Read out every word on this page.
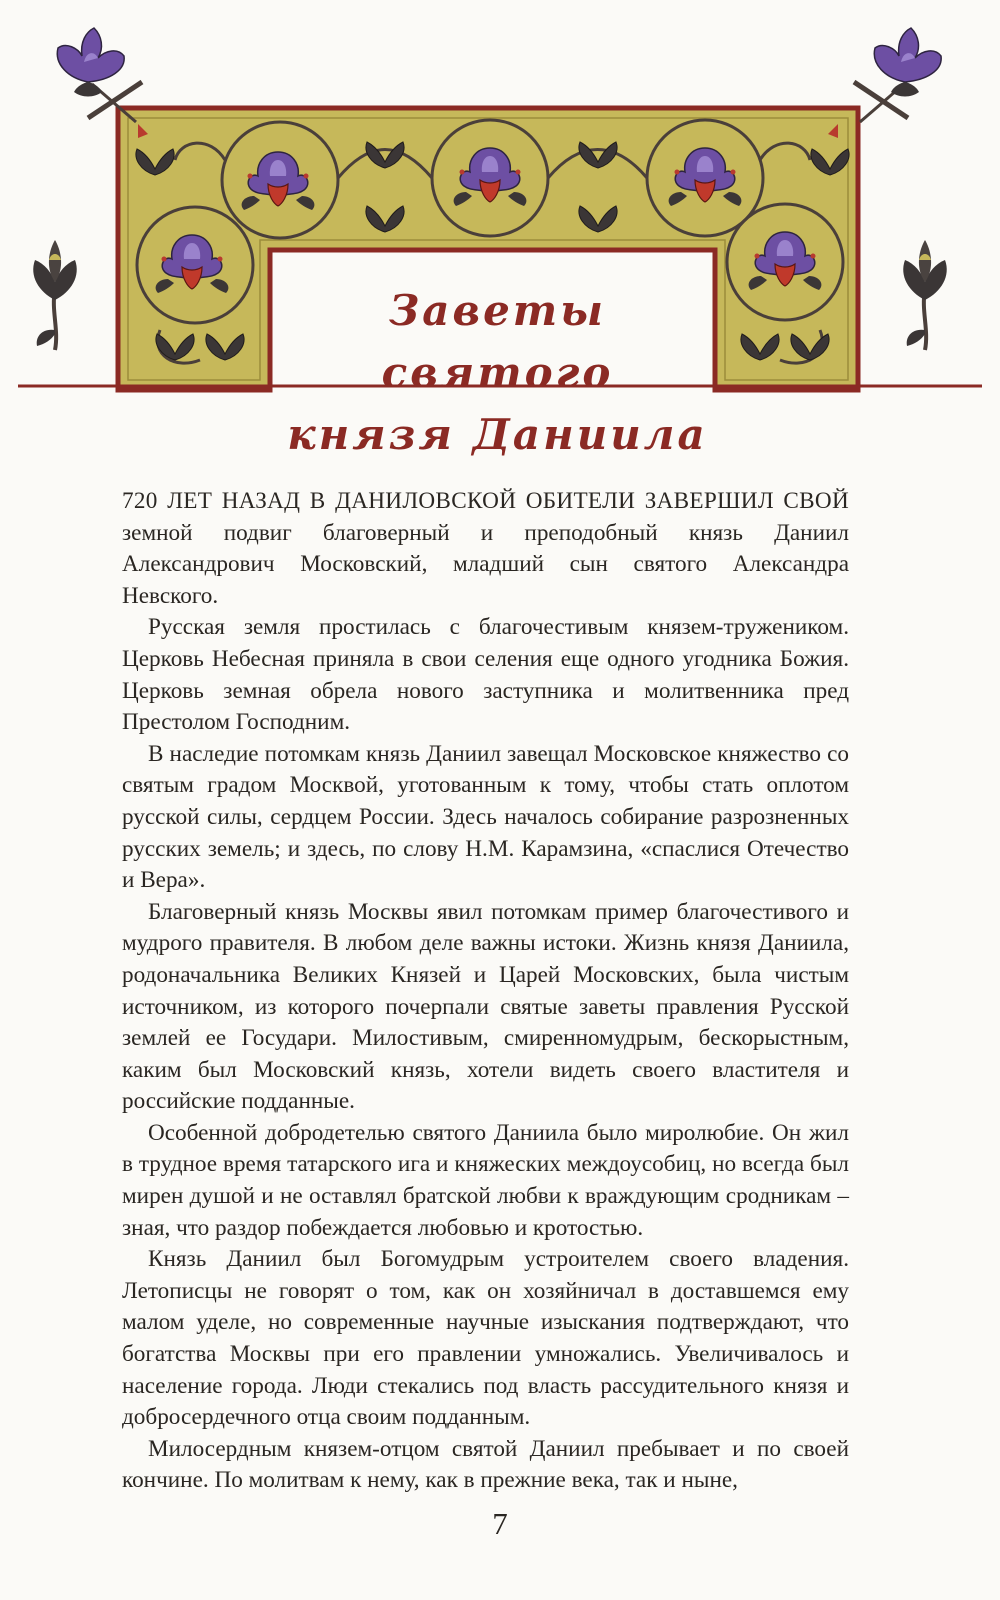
Заветы святого
князя Даниила

720 ЛЕТ НАЗАД В ДАНИЛОВСКОЙ ОБИТЕЛИ ЗАВЕРШИЛ СВОЙ земной подвиг благоверный и преподобный князь Даниил Александрович Московский, младший сын святого Александра Невского.

Русская земля простилась с благочестивым князем-тружеником. Церковь Небесная приняла в свои селения еще одного угодника Божия. Церковь земная обрела нового заступника и молитвенника пред Престолом Господним.

В наследие потомкам князь Даниил завещал Московское княжество со святым градом Москвой, уготованным к тому, чтобы стать оплотом русской силы, сердцем России. Здесь началось собирание разрозненных русских земель; и здесь, по слову Н.М. Карамзина, «спаслися Отечество и Вера».

Благоверный князь Москвы явил потомкам пример благочестивого и мудрого правителя. В любом деле важны истоки. Жизнь князя Даниила, родоначальника Великих Князей и Царей Московских, была чистым источником, из которого почерпали святые заветы правления Русской землей ее Государи. Милостивым, смиренномудрым, бескорыстным, каким был Московский князь, хотели видеть своего властителя и российские подданные.

Особенной добродетелью святого Даниила было миролюбие. Он жил в трудное время татарского ига и княжеских междоусобиц, но всегда был мирен душой и не оставлял братской любви к враждующим сродникам – зная, что раздор побеждается любовью и кротостью.

Князь Даниил был Богомудрым устроителем своего владения. Летописцы не говорят о том, как он хозяйничал в доставшемся ему малом уделе, но современные научные изыскания подтверждают, что богатства Москвы при его правлении умножались. Увеличивалось и население города. Люди стекались под власть рассудительного князя и добросердечного отца своим подданным.

Милосердным князем-отцом святой Даниил пребывает и по своей кончине. По молитвам к нему, как в прежние века, так и ныне,

7
